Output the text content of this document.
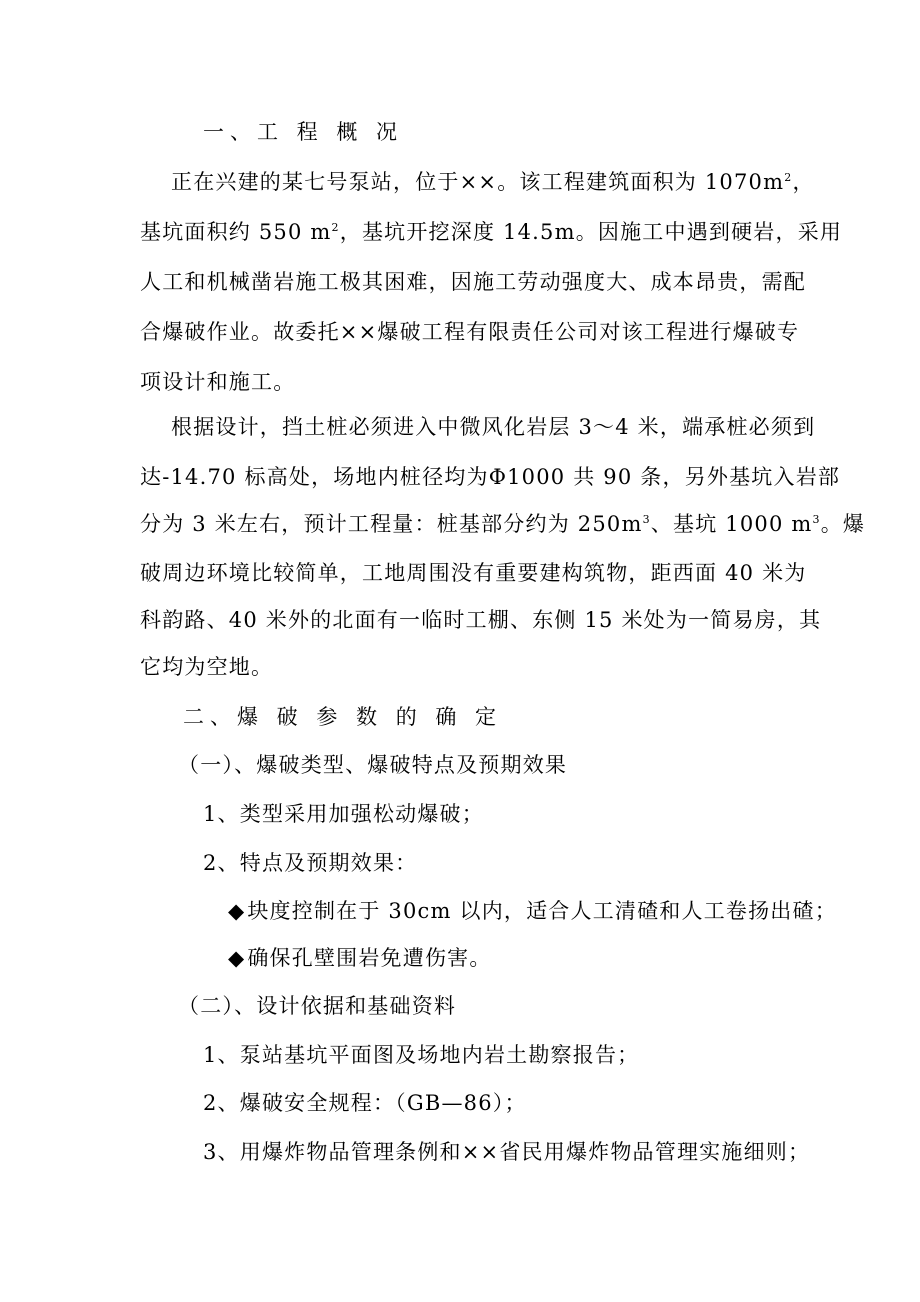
一、工 程 概 况
正在兴建的某七号泵站，位于××。该工程建筑面积为 $1070m^2$，
基坑面积约 550 $m^2$，基坑开挖深度 14.5m。因施工中遇到硬岩，采用
人工和机械凿岩施工极其困难，因施工劳动强度大、成本昂贵，需配
合爆破作业。故委托××爆破工程有限责任公司对该工程进行爆破专
项设计和施工。
根据设计，挡土桩必须进入中微风化岩层 3～4 米，端承桩必须到
达-14.70 标高处，场地内桩径均为Φ1000 共 90 条，另外基坑入岩部
分为 3 米左右，预计工程量：桩基部分约为 $250m^3$、基坑 1000 $m^3$。爆
破周边环境比较简单，工地周围没有重要建构筑物，距西面 40 米为
科韵路、40 米外的北面有一临时工棚、东侧 15 米处为一简易房，其
它均为空地。
二、爆 破 参 数 的 确 定
（一）、爆破类型、爆破特点及预期效果
1、类型采用加强松动爆破；
2、特点及预期效果：
◆块度控制在于 30cm 以内，适合人工清碴和人工卷扬出碴；
◆确保孔壁围岩免遭伤害。
（二）、设计依据和基础资料
1、泵站基坑平面图及场地内岩土勘察报告；
2、爆破安全规程：（GB—86）；
3、用爆炸物品管理条例和××省民用爆炸物品管理实施细则；
